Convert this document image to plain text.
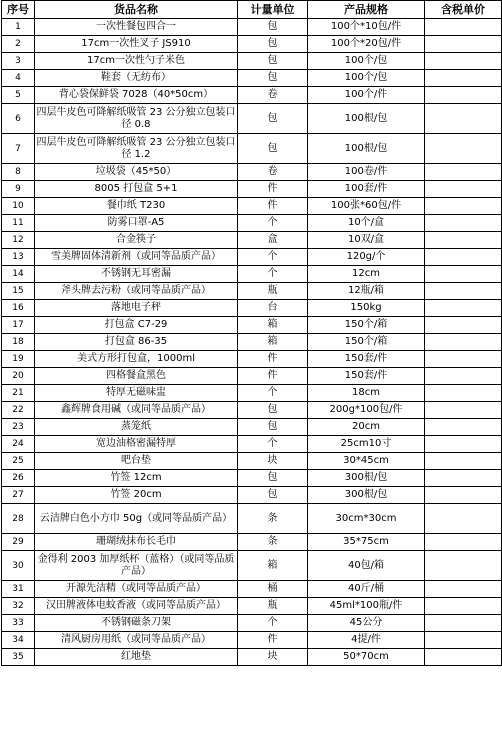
序号	货品名称	计量单位	产品规格	含税单价
1	一次性餐包四合一	包	100个*10包/件	
2	17cm一次性叉子 JS910	包	100个*20包/件	
3	17cm一次性勺子米色	包	100个/包	
4	鞋套（无纺布）	包	100个/包	
5	背心袋保鲜袋 7028（40*50cm）	卷	100个/件	
6	四层牛皮色可降解纸吸管 23 公分独立包装口径 0.8	包	100根/包	
7	四层牛皮色可降解纸吸管 23 公分独立包装口径 1.2	包	100根/包	
8	垃圾袋（45*50）	卷	100卷/件	
9	8005 打包盒 5+1	件	100套/件	
10	餐巾纸 T230	件	100张*60包/件	
11	防雾口罩-A5	个	10个/盒	
12	合金筷子	盒	10双/盒	
13	雪美牌固体清新剂（或同等品质产品）	个	120g/个	
14	不锈钢无耳密漏	个	12cm	
15	斧头牌去污粉（或同等品质产品）	瓶	12瓶/箱	
16	落地电子秤	台	150kg	
17	打包盒 C7-29	箱	150个/箱	
18	打包盒 86-35	箱	150个/箱	
19	美式方形打包盒，1000ml	件	150套/件	
20	四格餐盒黑色	件	150套/件	
21	特厚无磁味盅	个	18cm	
22	鑫辉牌食用碱（或同等品质产品）	包	200g*100包/件	
23	蒸笼纸	包	20cm	
24	宽边油格密漏特厚	个	25cm10寸	
25	吧台垫	块	30*45cm	
26	竹签 12cm	包	300根/包	
27	竹签 20cm	包	300根/包	
28	云洁牌白色小方巾 50g（或同等品质产品）	条	30cm*30cm	
29	珊瑚绒抹布长毛巾	条	35*75cm	
30	金得利 2003 加厚纸杯（蓝格）（或同等品质产品）	箱	40包/箱	
31	开源先洁精（或同等品质产品）	桶	40斤/桶	
32	汉田牌液体电蚊香液（或同等品质产品）	瓶	45ml*100瓶/件	
33	不锈钢磁条刀架	个	45公分	
34	清风厨房用纸（或同等品质产品）	件	4提/件	
35	红地垫	块	50*70cm	
